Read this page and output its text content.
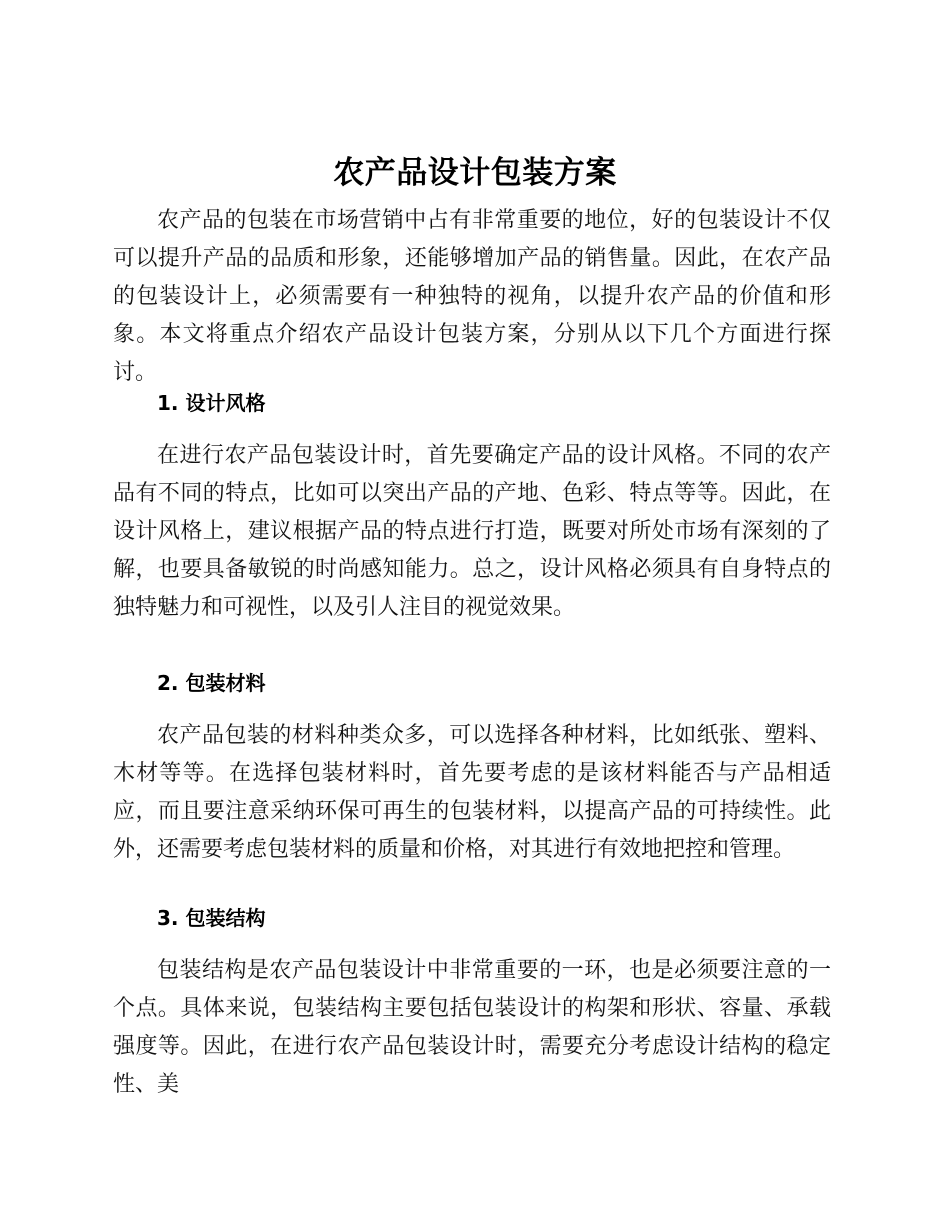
农产品设计包装方案

农产品的包装在市场营销中占有非常重要的地位，好的包装设计不仅可以提升产品的品质和形象，还能够增加产品的销售量。因此，在农产品的包装设计上，必须需要有一种独特的视角，以提升农产品的价值和形象。本文将重点介绍农产品设计包装方案，分别从以下几个方面进行探讨。

1. 设计风格

在进行农产品包装设计时，首先要确定产品的设计风格。不同的农产品有不同的特点，比如可以突出产品的产地、色彩、特点等等。因此，在设计风格上，建议根据产品的特点进行打造，既要对所处市场有深刻的了解，也要具备敏锐的时尚感知能力。总之，设计风格必须具有自身特点的独特魅力和可视性，以及引人注目的视觉效果。

2. 包装材料

农产品包装的材料种类众多，可以选择各种材料，比如纸张、塑料、木材等等。在选择包装材料时，首先要考虑的是该材料能否与产品相适应，而且要注意采纳环保可再生的包装材料，以提高产品的可持续性。此外，还需要考虑包装材料的质量和价格，对其进行有效地把控和管理。

3. 包装结构

包装结构是农产品包装设计中非常重要的一环，也是必须要注意的一个点。具体来说，包装结构主要包括包装设计的构架和形状、容量、承载强度等。因此，在进行农产品包装设计时，需要充分考虑设计结构的稳定性、美
